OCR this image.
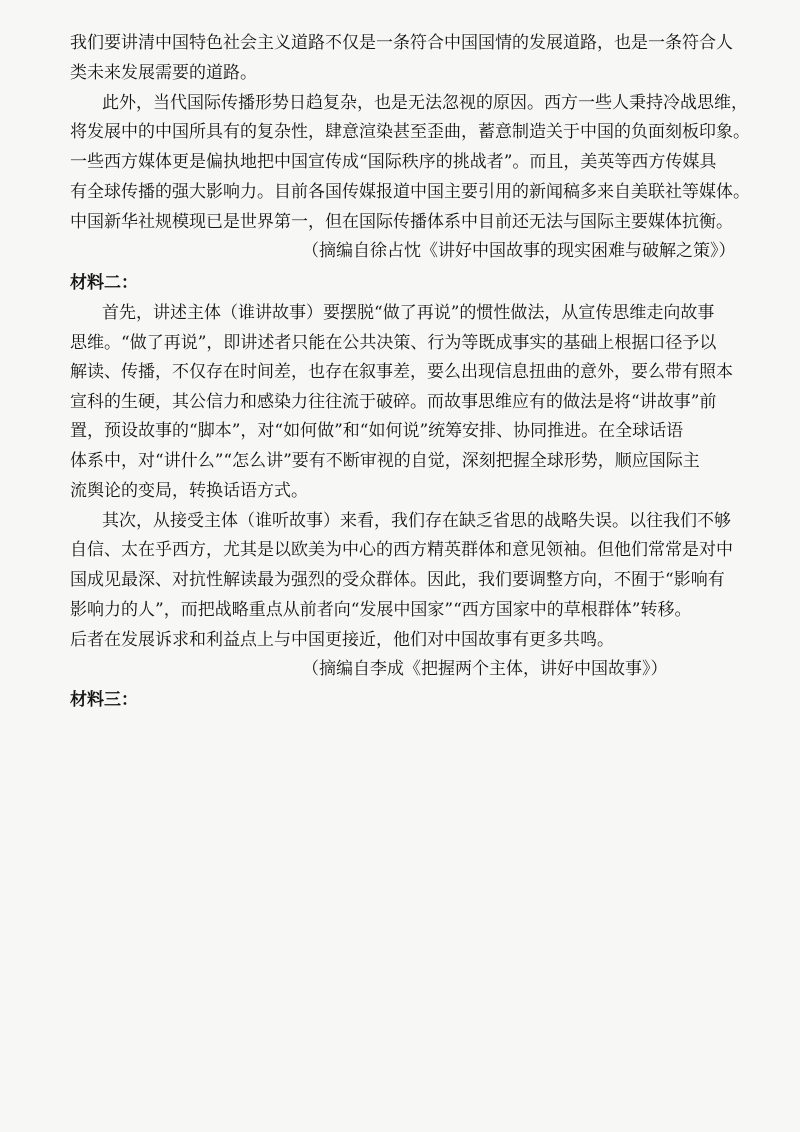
我们要讲清中国特色社会主义道路不仅是一条符合中国国情的发展道路，也是一条符合人
类未来发展需要的道路。
此外，当代国际传播形势日趋复杂，也是无法忽视的原因。西方一些人秉持冷战思维，
将发展中的中国所具有的复杂性，肆意渲染甚至歪曲，蓄意制造关于中国的负面刻板印象。
一些西方媒体更是偏执地把中国宣传成“国际秩序的挑战者”。而且，美英等西方传媒具
有全球传播的强大影响力。目前各国传媒报道中国主要引用的新闻稿多来自美联社等媒体。
中国新华社规模现已是世界第一，但在国际传播体系中目前还无法与国际主要媒体抗衡。
（摘编自徐占忱《讲好中国故事的现实困难与破解之策》）
材料二：
首先，讲述主体（谁讲故事）要摆脱“做了再说”的惯性做法，从宣传思维走向故事
思维。“做了再说”，即讲述者只能在公共决策、行为等既成事实的基础上根据口径予以
解读、传播，不仅存在时间差，也存在叙事差，要么出现信息扭曲的意外，要么带有照本
宣科的生硬，其公信力和感染力往往流于破碎。而故事思维应有的做法是将“讲故事”前
置，预设故事的“脚本”，对“如何做”和“如何说”统筹安排、协同推进。在全球话语
体系中，对“讲什么”“怎么讲”要有不断审视的自觉，深刻把握全球形势，顺应国际主
流舆论的变局，转换话语方式。
其次，从接受主体（谁听故事）来看，我们存在缺乏省思的战略失误。以往我们不够
自信、太在乎西方，尤其是以欧美为中心的西方精英群体和意见领袖。但他们常常是对中
国成见最深、对抗性解读最为强烈的受众群体。因此，我们要调整方向，不囿于“影响有
影响力的人”，而把战略重点从前者向“发展中国家”“西方国家中的草根群体”转移。
后者在发展诉求和利益点上与中国更接近，他们对中国故事有更多共鸣。
（摘编自李成《把握两个主体，讲好中国故事》）
材料三：
